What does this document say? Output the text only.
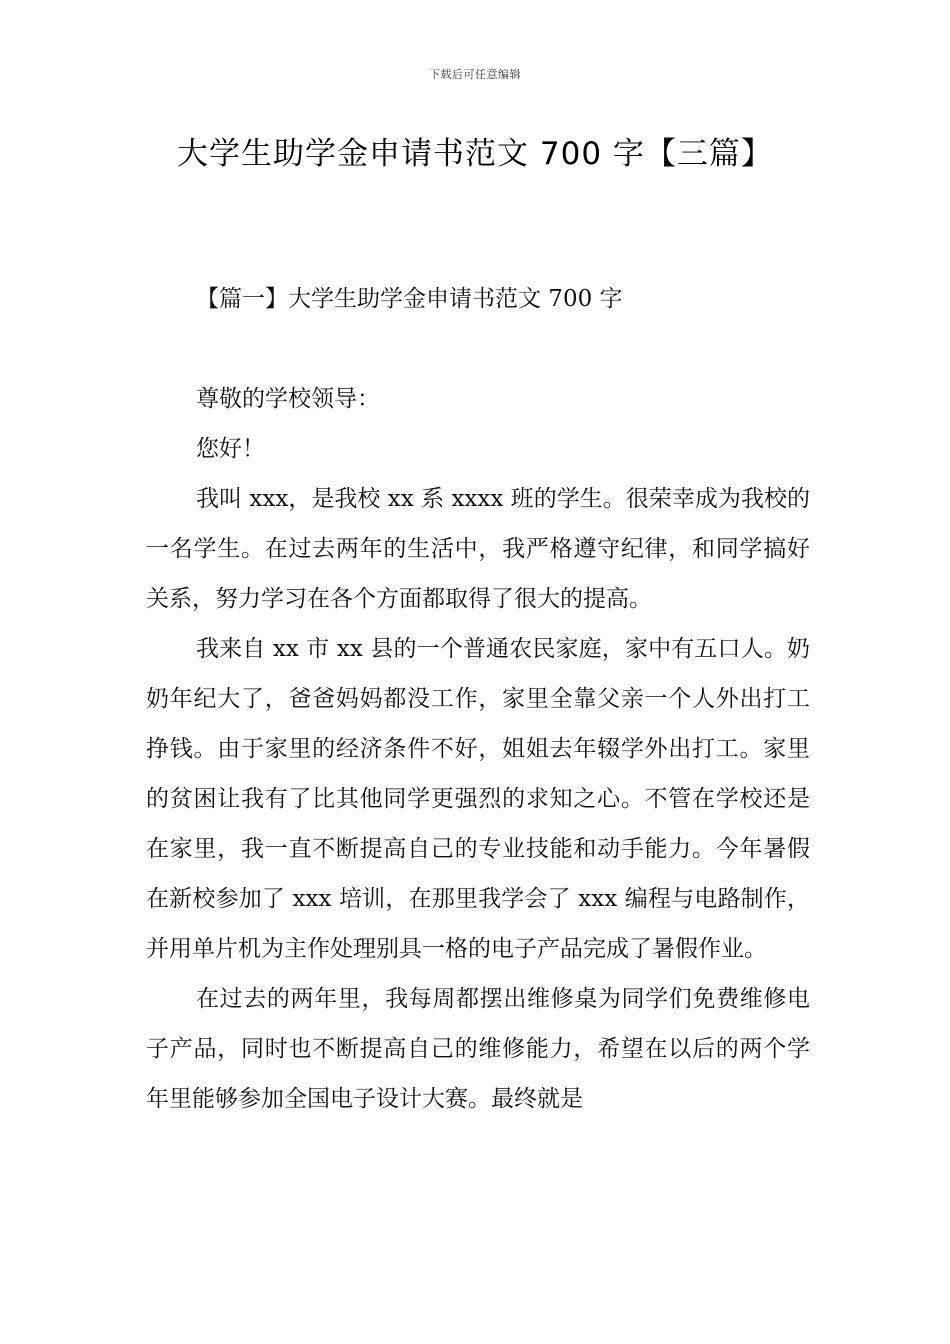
下载后可任意编辑
大学生助学金申请书范文 700 字【三篇】
【篇一】大学生助学金申请书范文 700 字

尊敬的学校领导：

您好！

我叫 xxx，是我校 xx 系 xxxx 班的学生。很荣幸成为我校的一名学生。在过去两年的生活中，我严格遵守纪律，和同学搞好关系，努力学习在各个方面都取得了很大的提高。

我来自 xx 市 xx 县的一个普通农民家庭，家中有五口人。奶奶年纪大了，爸爸妈妈都没工作，家里全靠父亲一个人外出打工挣钱。由于家里的经济条件不好，姐姐去年辍学外出打工。家里的贫困让我有了比其他同学更强烈的求知之心。不管在学校还是在家里，我一直不断提高自己的专业技能和动手能力。今年暑假在新校参加了 xxx 培训，在那里我学会了 xxx 编程与电路制作，并用单片机为主作处理别具一格的电子产品完成了暑假作业。

在过去的两年里，我每周都摆出维修桌为同学们免费维修电子产品，同时也不断提高自己的维修能力，希望在以后的两个学年里能够参加全国电子设计大赛。最终就是
